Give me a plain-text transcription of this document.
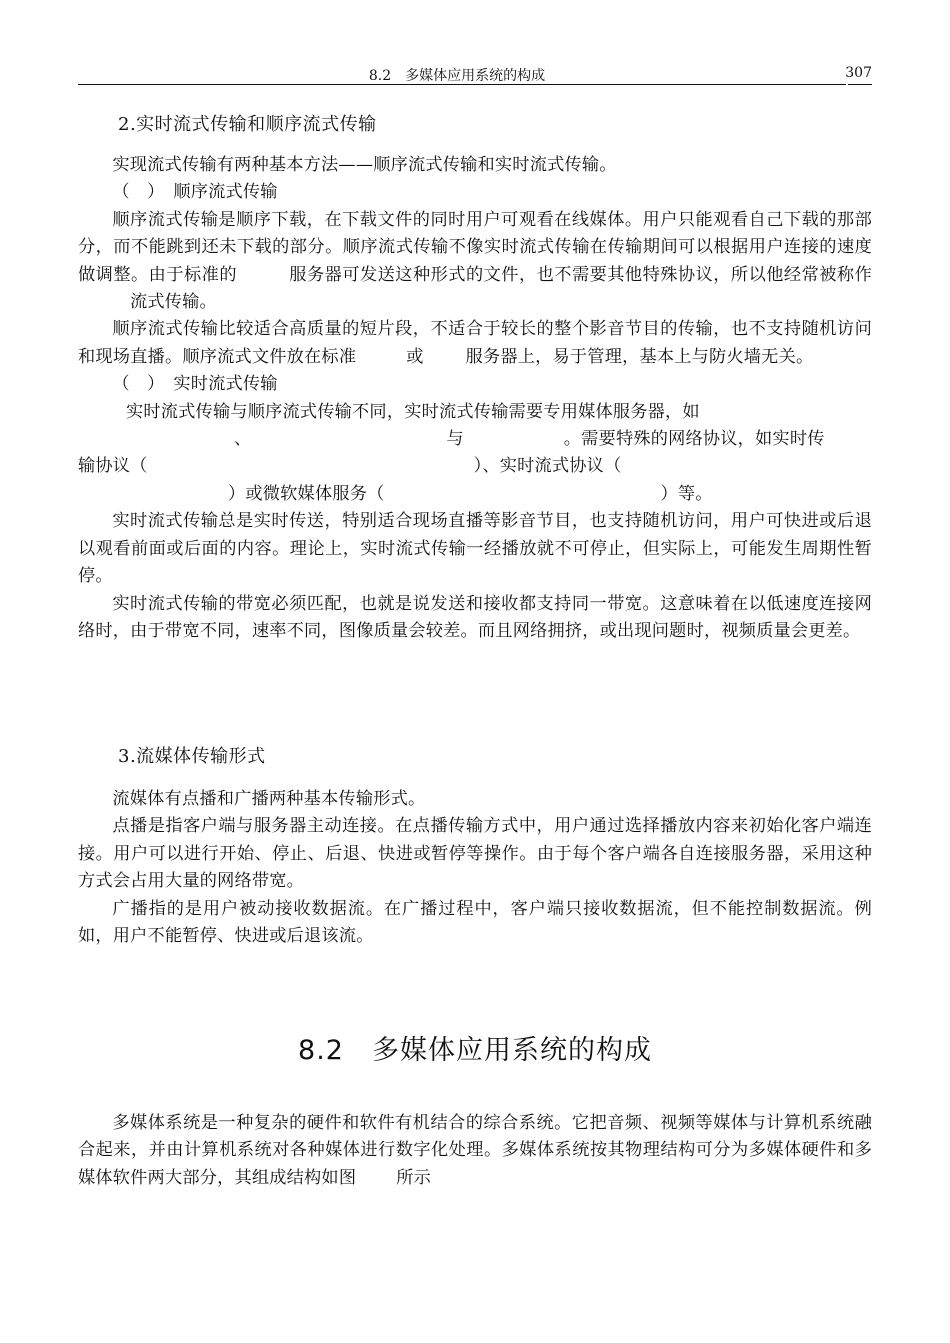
8.2　多媒体应用系统的构成	307
2.实时流式传输和顺序流式传输

实现流式传输有两种基本方法——顺序流式传输和实时流式传输。

（　）　顺序流式传输

顺序流式传输是顺序下载，在下载文件的同时用户可观看在线媒体。用户只能观看自己下载的那部分，而不能跳到还未下载的部分。顺序流式传输不像实时流式传输在传输期间可以根据用户连接的速度做调整。由于标准的	服务器可发送这种形式的文件，也不需要其他特殊协议，所以他经常被称作流式传输。

顺序流式传输比较适合高质量的短片段，不适合于较长的整个影音节目的传输，也不支持随机访问和现场直播。顺序流式文件放在标准	或 服务器上，易于管理，基本上与防火墙无关。

（　）　实时流式传输

实时流式传输与顺序流式传输不同，实时流式传输需要专用媒体服务器，如
、	与	。需要特殊的网络协议，如实时传
输协议（	）、实时流式协议（
）或微软媒体服务（	）等。

实时流式传输总是实时传送，特别适合现场直播等影音节目，也支持随机访问，用户可快进或后退以观看前面或后面的内容。理论上，实时流式传输一经播放就不可停止，但实际上，可能发生周期性暂停。

实时流式传输的带宽必须匹配，也就是说发送和接收都支持同一带宽。这意味着在以低速度连接网络时，由于带宽不同，速率不同，图像质量会较差。而且网络拥挤，或出现问题时，视频质量会更差。

3.流媒体传输形式

流媒体有点播和广播两种基本传输形式。

点播是指客户端与服务器主动连接。在点播传输方式中，用户通过选择播放内容来初始化客户端连接。用户可以进行开始、停止、后退、快进或暂停等操作。由于每个客户端各自连接服务器，采用这种方式会占用大量的网络带宽。

广播指的是用户被动接收数据流。在广播过程中，客户端只接收数据流，但不能控制数据流。例如，用户不能暂停、快进或后退该流。

8.2　多媒体应用系统的构成

多媒体系统是一种复杂的硬件和软件有机结合的综合系统。它把音频、视频等媒体与计算机系统融合起来，并由计算机系统对各种媒体进行数字化处理。多媒体系统按其物理结构可分为多媒体硬件和多媒体软件两大部分，其组成结构如图 所示
